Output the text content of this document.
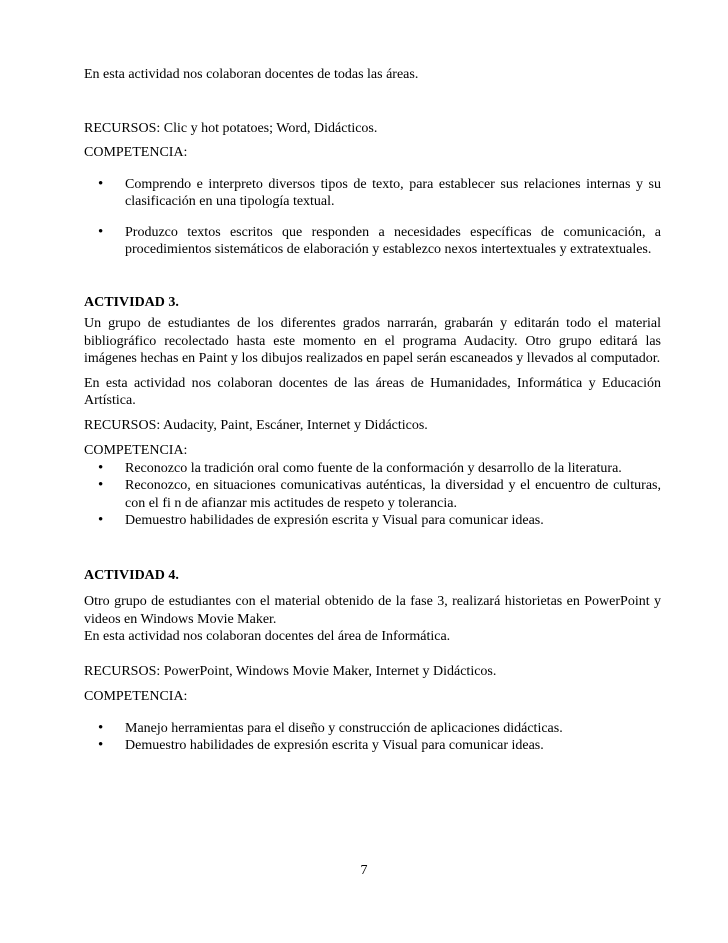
En esta actividad nos colaboran docentes de todas las áreas.

RECURSOS: Clic y hot potatoes; Word, Didácticos.

COMPETENCIA:

• Comprendo e interpreto diversos tipos de texto, para establecer sus relaciones internas y su clasificación en una tipología textual.
• Produzco textos escritos que responden a necesidades específicas de comunicación, a procedimientos sistemáticos de elaboración y establezco nexos intertextuales y extratextuales.

ACTIVIDAD 3.

Un grupo de estudiantes de los diferentes grados narrarán, grabarán y editarán todo el material bibliográfico recolectado hasta este momento en el programa Audacity. Otro grupo editará las imágenes hechas en Paint y los dibujos realizados en papel serán escaneados y llevados al computador.

En esta actividad nos colaboran docentes de las áreas de Humanidades, Informática y Educación Artística.

RECURSOS: Audacity, Paint, Escáner, Internet y Didácticos.

COMPETENCIA:

• Reconozco la tradición oral como fuente de la conformación y desarrollo de la literatura.
• Reconozco, en situaciones comunicativas auténticas, la diversidad y el encuentro de culturas, con el fi n de afianzar mis actitudes de respeto y tolerancia.
• Demuestro habilidades de expresión escrita y Visual para comunicar ideas.

ACTIVIDAD 4.

Otro grupo de estudiantes con el material obtenido de la fase 3, realizará historietas en PowerPoint y videos en Windows Movie Maker.

En esta actividad nos colaboran docentes del área de Informática.

RECURSOS: PowerPoint, Windows Movie Maker, Internet y Didácticos.

COMPETENCIA:

• Manejo herramientas para el diseño y construcción de aplicaciones didácticas.
• Demuestro habilidades de expresión escrita y Visual para comunicar ideas.
7
